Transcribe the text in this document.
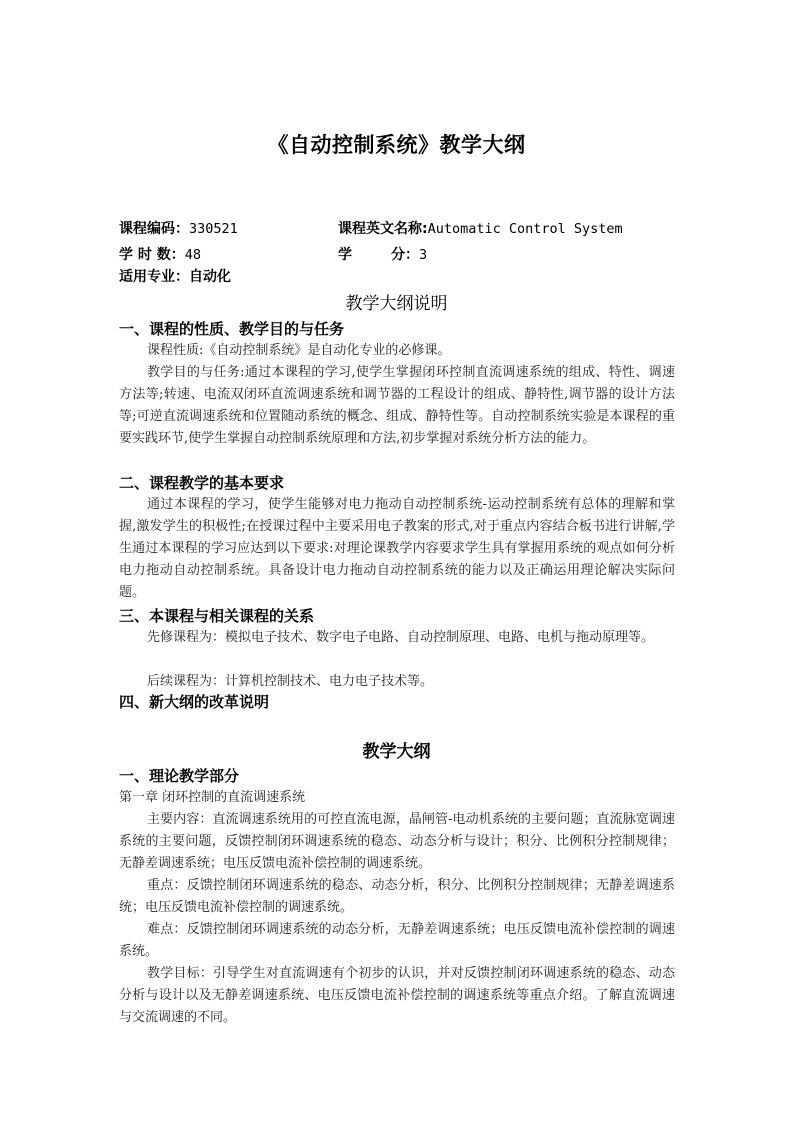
《自动控制系统》教学大纲
课程编码：330521	课程英文名称:Automatic Control System
学 时 数：48	学        分：3
适用专业：自动化
教学大纲说明
一、课程的性质、教学目的与任务
课程性质:《自动控制系统》是自动化专业的必修课。
教学目的与任务:通过本课程的学习,使学生掌握闭环控制直流调速系统的组成、特性、调速方法等;转速、电流双闭环直流调速系统和调节器的工程设计的组成、静特性,调节器的设计方法等;可逆直流调速系统和位置随动系统的概念、组成、静特性等。自动控制系统实验是本课程的重要实践环节,使学生掌握自动控制系统原理和方法,初步掌握对系统分析方法的能力。
二、课程教学的基本要求
通过本课程的学习，使学生能够对电力拖动自动控制系统-运动控制系统有总体的理解和掌握,激发学生的积极性;在授课过程中主要采用电子教案的形式,对于重点内容结合板书进行讲解,学生通过本课程的学习应达到以下要求:对理论课教学内容要求学生具有掌握用系统的观点如何分析电力拖动自动控制系统。具备设计电力拖动自动控制系统的能力以及正确运用理论解决实际问题。
三、本课程与相关课程的关系
先修课程为：模拟电子技术、数字电子电路、自动控制原理、电路、电机与拖动原理等。
后续课程为：计算机控制技术、电力电子技术等。
四、新大纲的改革说明
教学大纲
一、理论教学部分
第一章 闭环控制的直流调速系统
主要内容：直流调速系统用的可控直流电源，晶闸管-电动机系统的主要问题；直流脉宽调速系统的主要问题，反馈控制闭环调速系统的稳态、动态分析与设计；积分、比例积分控制规律；无静差调速系统；电压反馈电流补偿控制的调速系统。
重点：反馈控制闭环调速系统的稳态、动态分析，积分、比例积分控制规律；无静差调速系统；电压反馈电流补偿控制的调速系统。
难点：反馈控制闭环调速系统的动态分析，无静差调速系统；电压反馈电流补偿控制的调速系统。
教学目标：引导学生对直流调速有个初步的认识，并对反馈控制闭环调速系统的稳态、动态分析与设计以及无静差调速系统、电压反馈电流补偿控制的调速系统等重点介绍。了解直流调速与交流调速的不同。
